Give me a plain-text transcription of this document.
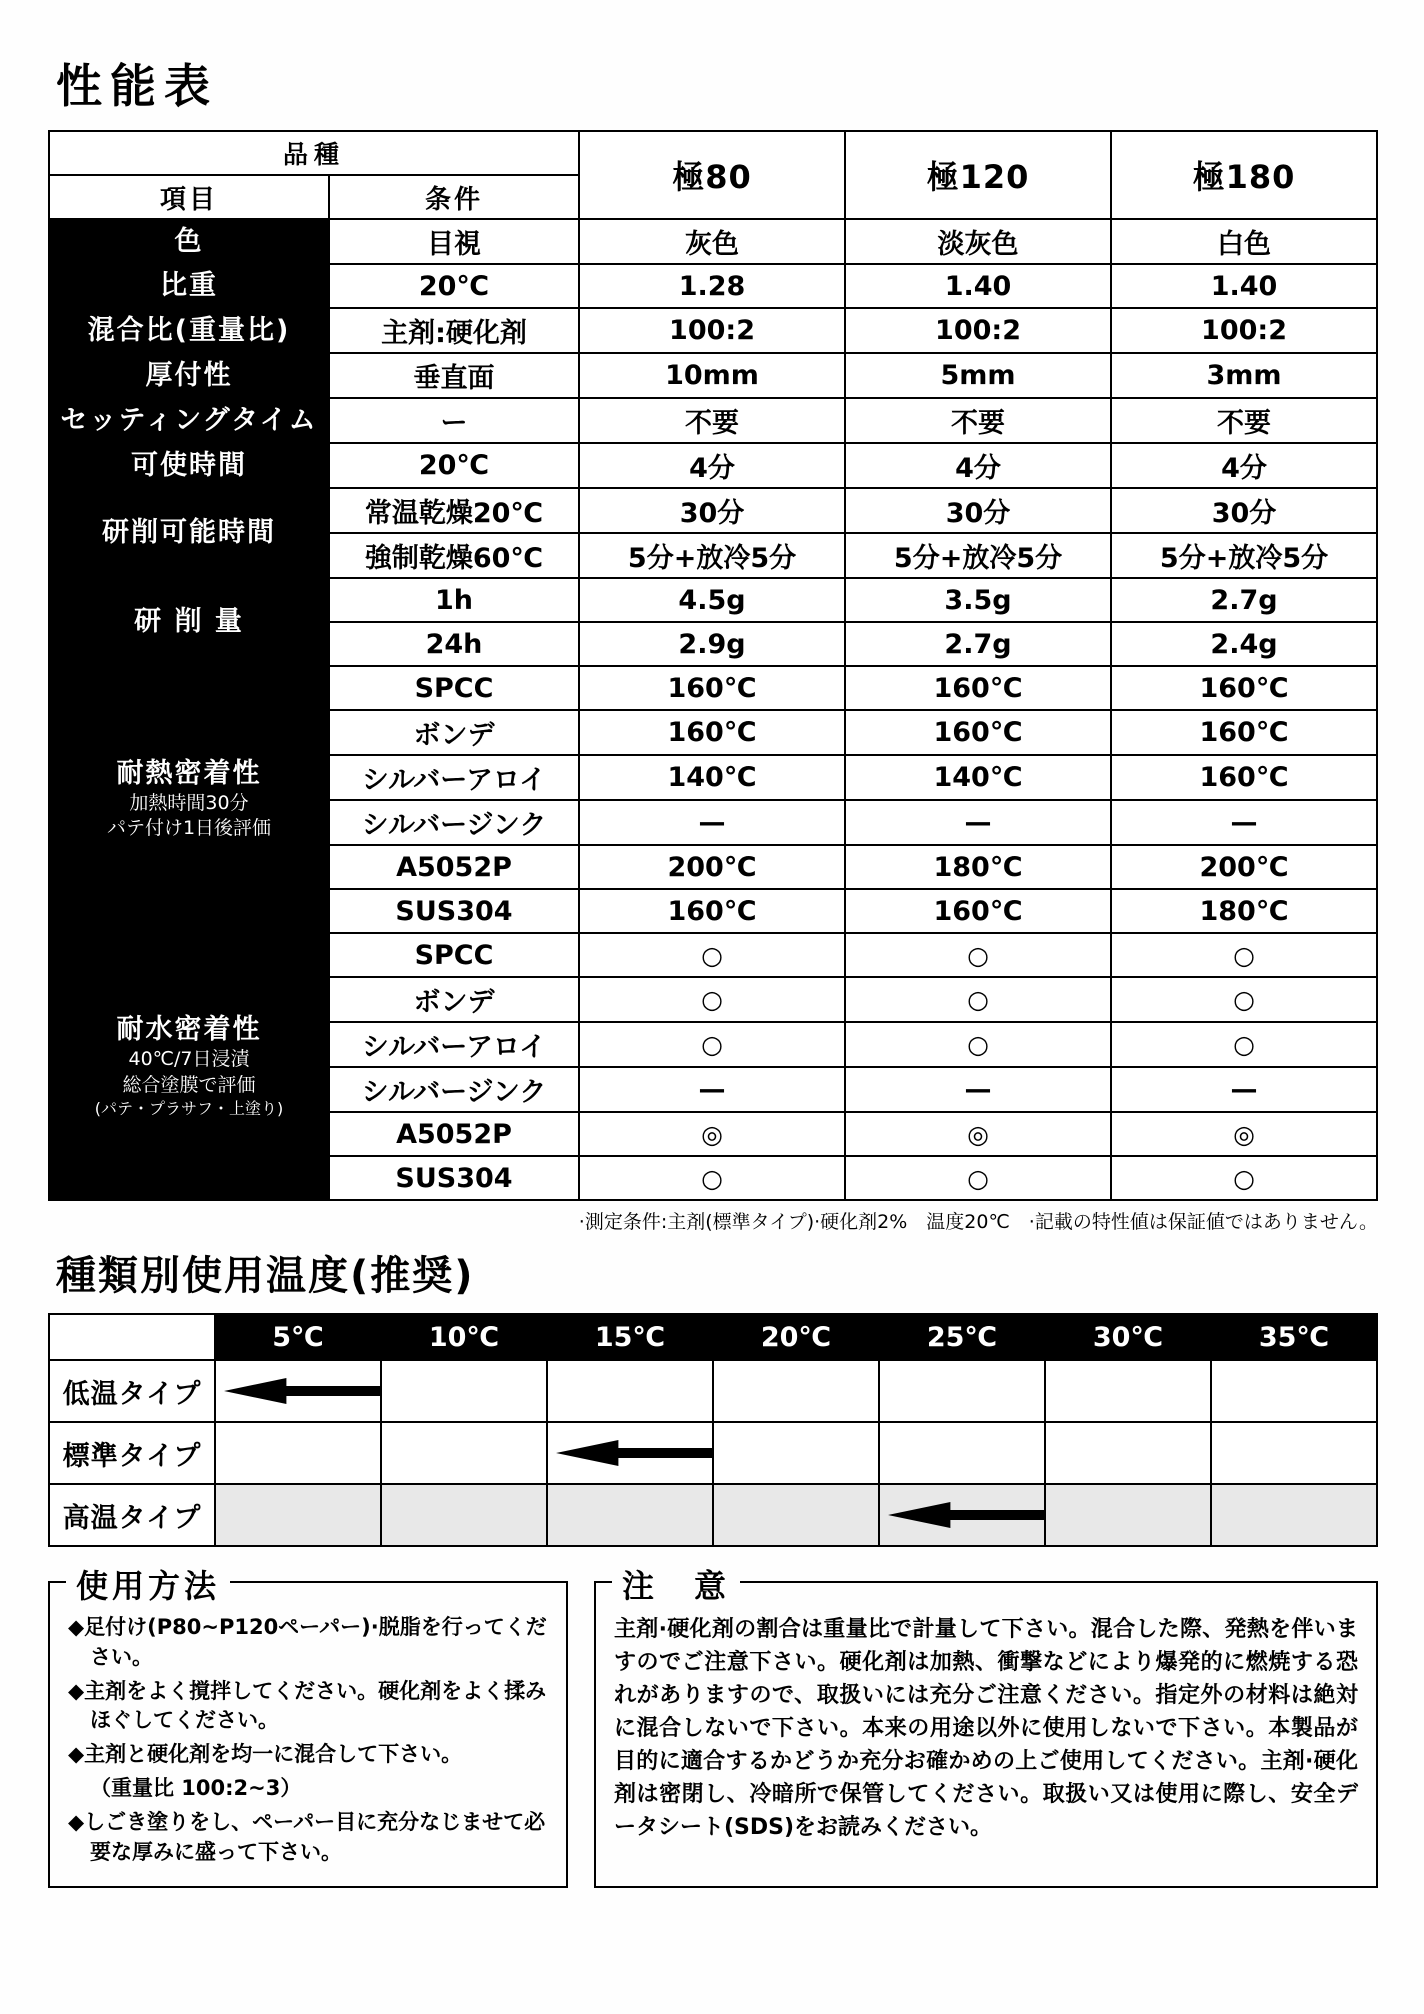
性能表
品種		極80	極120	極180
項目	条件			

色	目視	灰色	淡灰色	白色

比重	20℃	1.28	1.40	1.40

混合比(重量比)	主剤:硬化剤	100:2	100:2	100:2

厚付性	垂直面	10mm	5mm	3mm

セッティングタイム	ー	不要	不要	不要

可使時間	20℃	4分	4分	4分

研削可能時間	常温乾燥20℃	30分	30分	30分
	強制乾燥60℃	5分+放冷5分	5分+放冷5分	5分+放冷5分

研 削 量	1h	4.5g	3.5g	2.7g
	24h	2.9g	2.7g	2.4g

耐熱密着性
加熱時間30分
パテ付け1日後評価	SPCC	160℃	160℃	160℃
	ボンデ	160℃	160℃	160℃
	シルバーアロイ	140℃	140℃	160℃
	シルバージンク	—	—	—
	A5052P	200℃	180℃	200℃
	SUS304	160℃	160℃	180℃

耐水密着性
40℃/7日浸漬
総合塗膜で評価
(パテ・プラサフ・上塗り)	SPCC	○	○	○
	ボンデ	○	○	○
	シルバーアロイ	○	○	○
	シルバージンク	—	—	—
	A5052P	◎	◎	◎
	SUS304	○	○	○
·測定条件:主剤(標準タイプ)·硬化剤2%　温度20℃　·記載の特性値は保証値ではありません。
種類別使用温度(推奨)
	5℃	10℃	15℃	20℃	25℃	30℃	35℃
低温タイプ	

標準タイプ			

高温タイプ					

使用方法
◆足付け(P80~P120ペーパー)·脱脂を行ってください。
◆主剤をよく撹拌してください。硬化剤をよく揉みほぐしてください。
◆主剤と硬化剤を均一に混合して下さい。
（重量比 100:2~3）
◆しごき塗りをし、ペーパー目に充分なじませて必要な厚みに盛って下さい。
注　意

主剤·硬化剤の割合は重量比で計量して下さい。混合した際、発熱を伴いますのでご注意下さい。硬化剤は加熱、衝撃などにより爆発的に燃焼する恐れがありますので、取扱いには充分ご注意ください。指定外の材料は絶対に混合しないで下さい。本来の用途以外に使用しないで下さい。本製品が目的に適合するかどうか充分お確かめの上ご使用してください。主剤·硬化剤は密閉し、冷暗所で保管してください。取扱い又は使用に際し、安全データシート(SDS)をお読みください。
